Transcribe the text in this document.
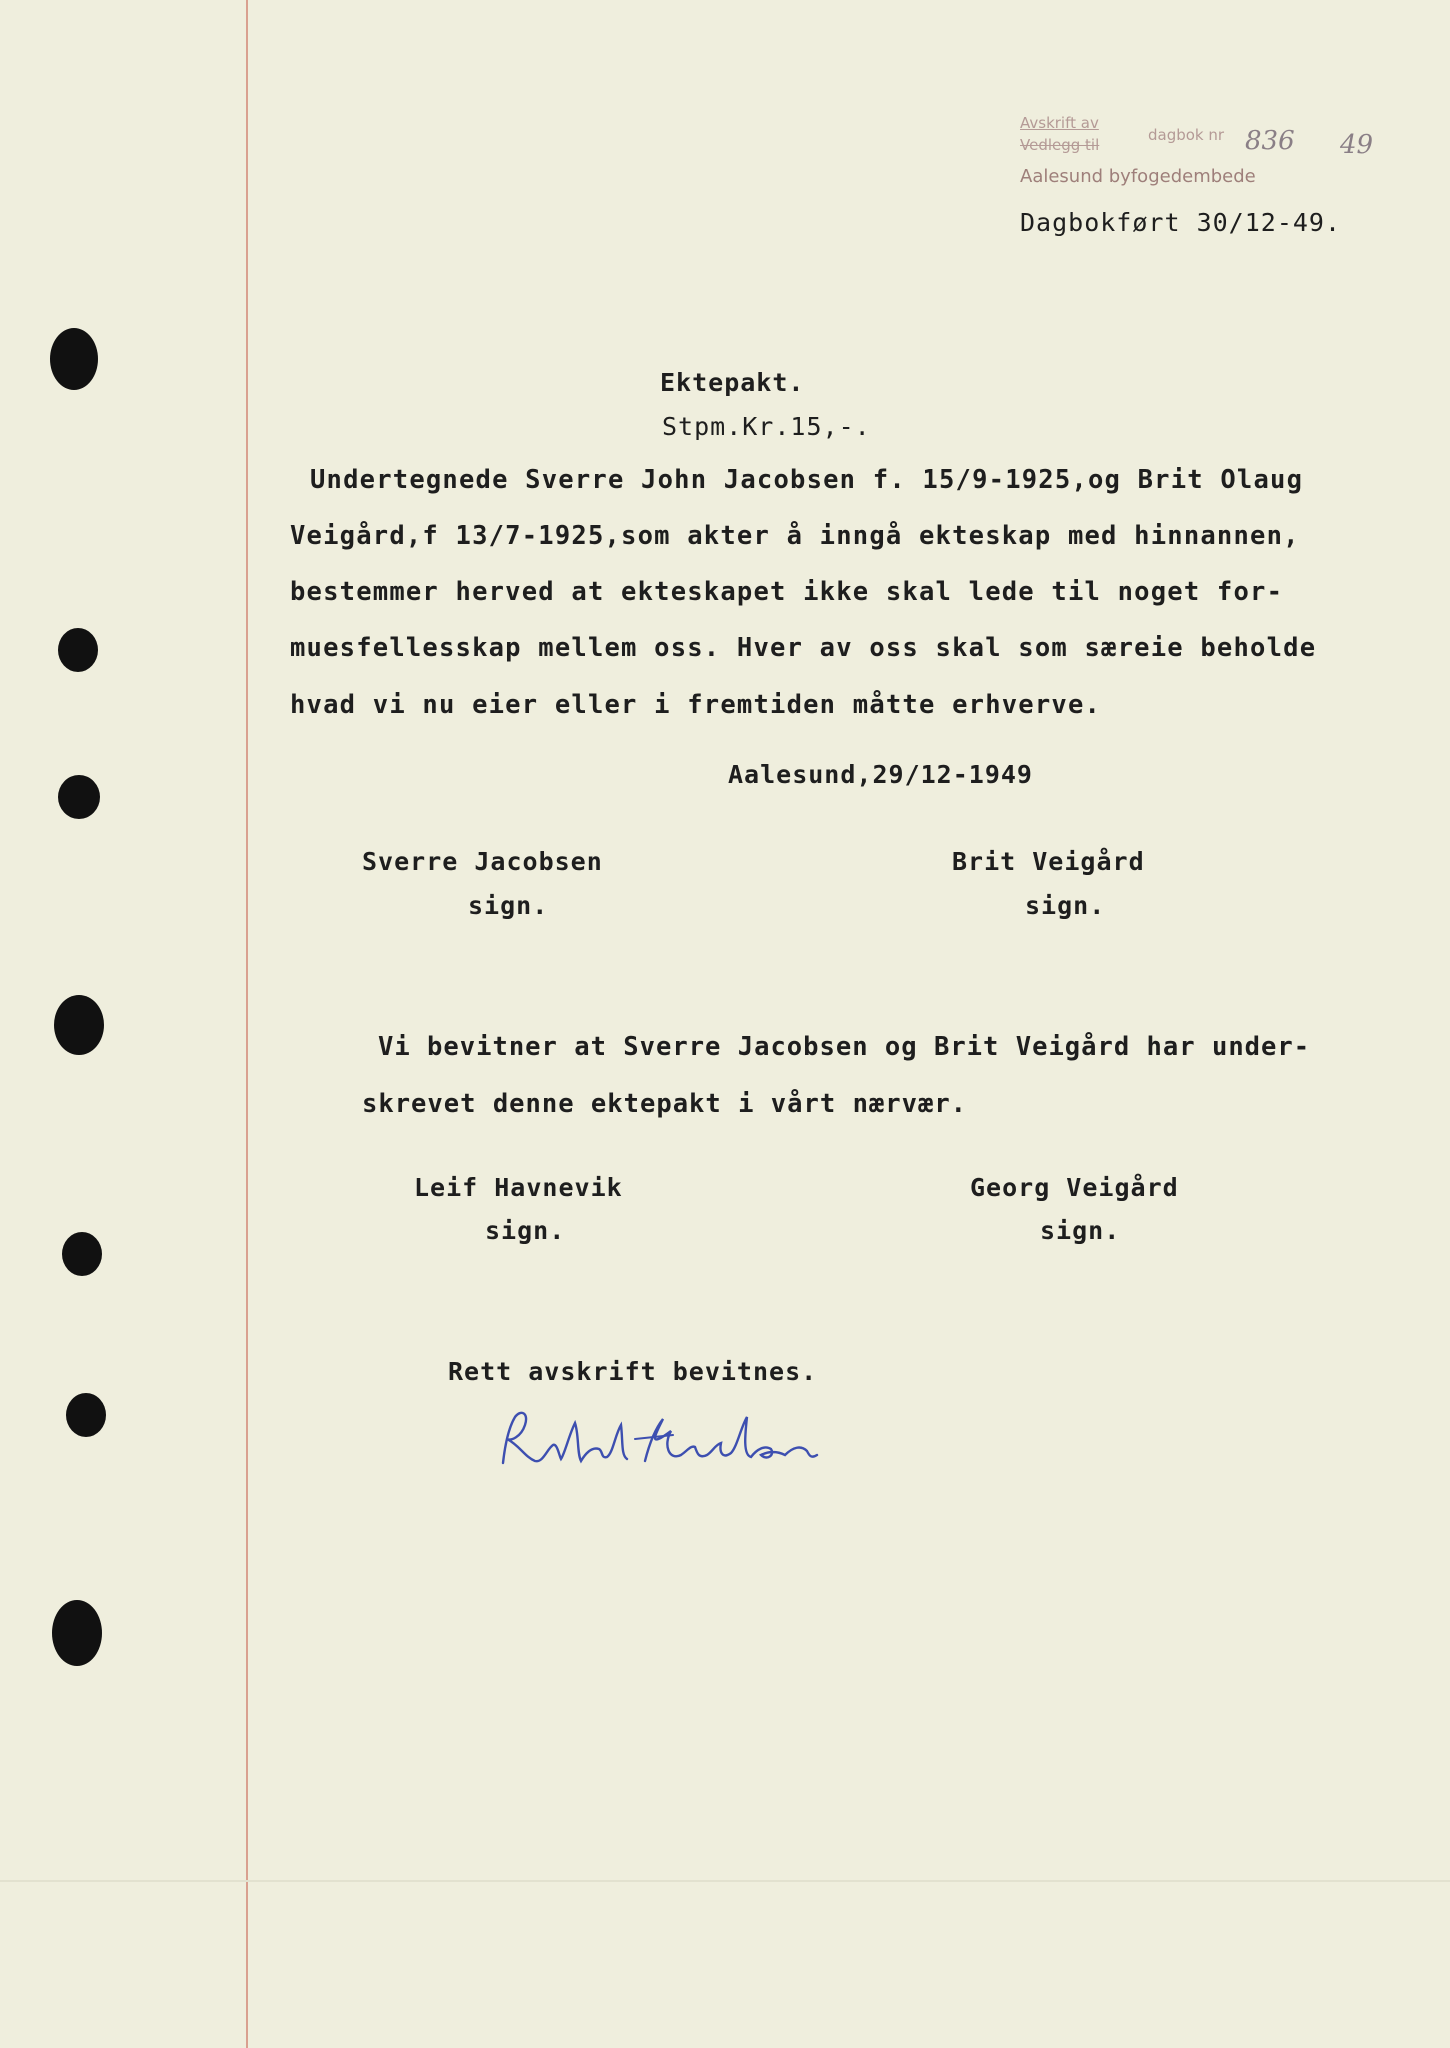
Avskrift av
Vedlegg til
dagbok nr 836 49
Aalesund byfogedembede
Dagbokført 30/12-49.
Ektepakt.
Stpm.Kr.15,-.
Undertegnede Sverre John Jacobsen f. 15/9-1925,og Brit Olaug
Veigård,f 13/7-1925,som akter å inngå ekteskap med hinnannen,
bestemmer herved at ekteskapet ikke skal lede til noget for-
muesfellesskap mellem oss. Hver av oss skal som særeie beholde
hvad vi nu eier eller i fremtiden måtte erhverve.
Aalesund,29/12-1949
Sverre Jacobsen
sign.
Brit Veigård
sign.
Vi bevitner at Sverre Jacobsen og Brit Veigård har under-
skrevet denne ektepakt i vårt nærvær.
Leif Havnevik
sign.
Georg Veigård
sign.
Rett avskrift bevitnes.
